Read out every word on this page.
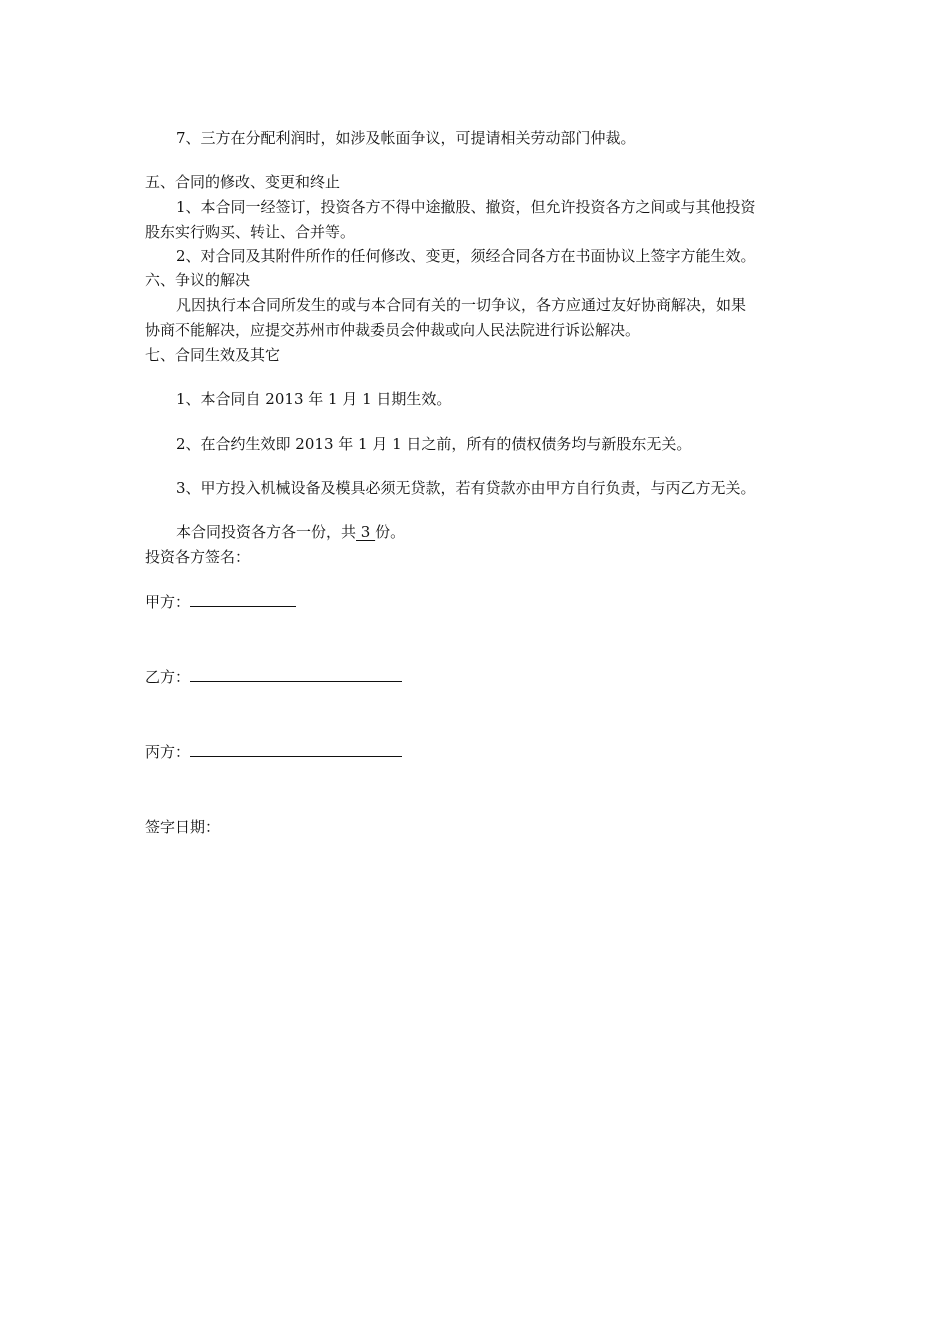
7、三方在分配利润时，如涉及帐面争议，可提请相关劳动部门仲裁。
五、合同的修改、变更和终止
1、本合同一经签订，投资各方不得中途撤股、撤资，但允许投资各方之间或与其他投资
股东实行购买、转让、合并等。
2、对合同及其附件所作的任何修改、变更，须经合同各方在书面协议上签字方能生效。
六、争议的解决
凡因执行本合同所发生的或与本合同有关的一切争议，各方应通过友好协商解决，如果
协商不能解决，应提交苏州市仲裁委员会仲裁或向人民法院进行诉讼解决。
七、合同生效及其它
1、本合同自 2013 年 1 月 1 日期生效。
2、在合约生效即 2013 年 1 月 1 日之前，所有的债权债务均与新股东无关。
3、甲方投入机械设备及模具必须无贷款，若有贷款亦由甲方自行负责，与丙乙方无关。
本合同投资各方各一份，共 3 份。
投资各方签名：
甲方：
乙方：
丙方：
签字日期：
